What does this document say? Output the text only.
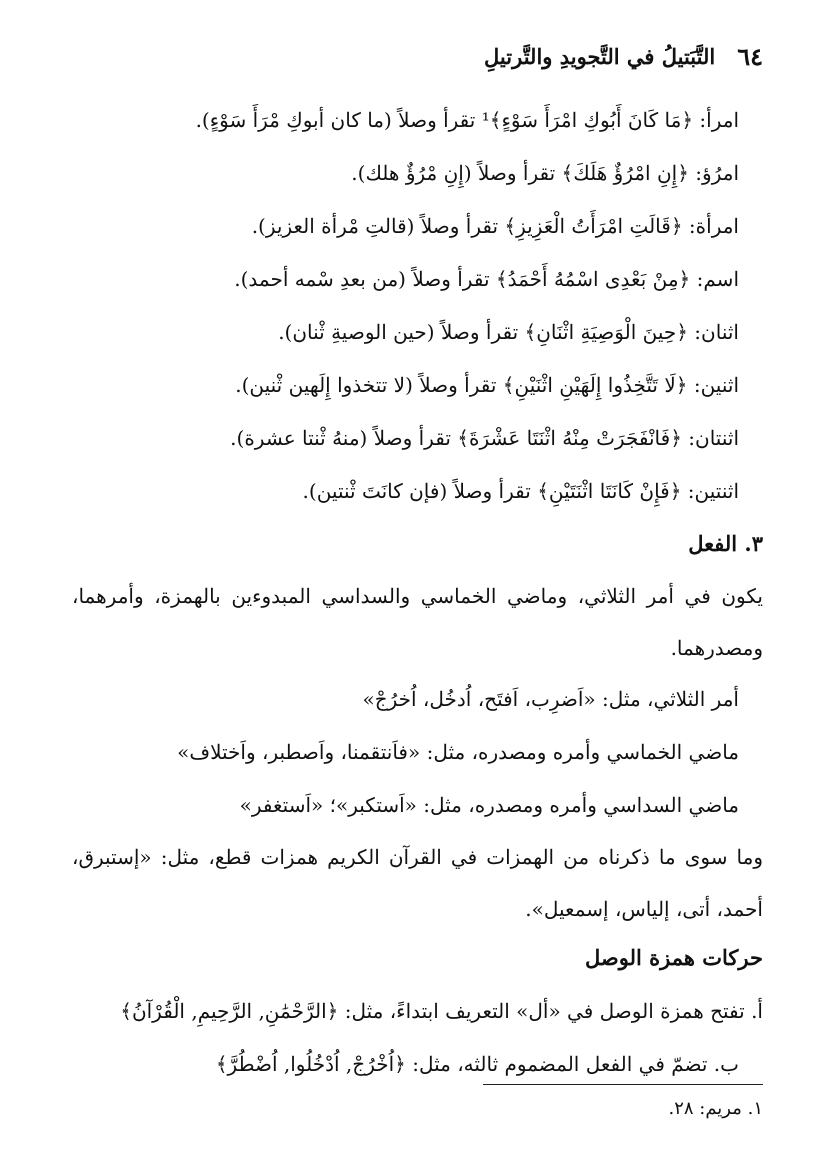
٦٤
التَّبَتيلُ في التَّجويدِ والتَّرتيلِ
امرأ: ﴿مَا كَانَ أَبُوكِ امْرَأَ سَوْءٍ﴾¹ تقرأ وصلاً (ما كان أبوكِ مْرَأَ سَوْءٍ).
امرُؤ: ﴿إِنِ امْرُؤٌ هَلَكَ﴾ تقرأ وصلاً (إِنِ مْرُؤٌ هلك).
امرأة: ﴿قَالَتِ امْرَأَتُ الْعَزِيزِ﴾ تقرأ وصلاً (قالتِ مْرأة العزيز).
اسم: ﴿مِنْ بَعْدِى اسْمُهُ أَحْمَدُ﴾ تقرأ وصلاً (من بعدِ سْمه أحمد).
اثنان: ﴿حِينَ الْوَصِيَةِ اثْنَانِ﴾ تقرأ وصلاً (حين الوصيةِ ثْنان).
اثنين: ﴿لَا تَتَّخِذُوا إِلَهَيْنِ اثْنَيْنِ﴾ تقرأ وصلاً (لا تتخذوا إِلَهين ثْنين).
اثنتان: ﴿فَانْفَجَرَتْ مِنْهُ اثْنَتَا عَشْرَةَ﴾ تقرأ وصلاً (منهُ ثْنتا عشرة).
اثنتين: ﴿فَإِنْ كَانَتَا اثْنَتَيْنِ﴾ تقرأ وصلاً (فإن كانَتَ ثْنتين).
٣. الفعل
يكون في أمر الثلاثي، وماضي الخماسي والسداسي المبدوءين بالهمزة، وأمرهما، ومصدرهما.
أمر الثلاثي، مثل: «اَضرِب، اَفتَح، اُدخُل، اُخرُجْ»
ماضي الخماسي وأمره ومصدره، مثل: «فاَنتقمنا، واَصطبر، واَختلاف»
ماضي السداسي وأمره ومصدره، مثل: «اَستكبر»؛ «اَستغفر»
وما سوى ما ذكرناه من الهمزات في القرآن الكريم همزات قطع، مثل: «إستبرق، أحمد، أتى، إلياس، إسمعيل».
حركات همزة الوصل
أ. تفتح همزة الوصل في «أل» التعريف ابتداءً، مثل: ﴿الرَّحْمَٰنِ, الرَّحِيمِ, الْقُرْآنُ﴾
ب. تضمّ في الفعل المضموم ثالثه، مثل: ﴿اُخْرُجْ, اُدْخُلُوا, اُضْطُرَّ﴾
١. مريم: ٢٨.
